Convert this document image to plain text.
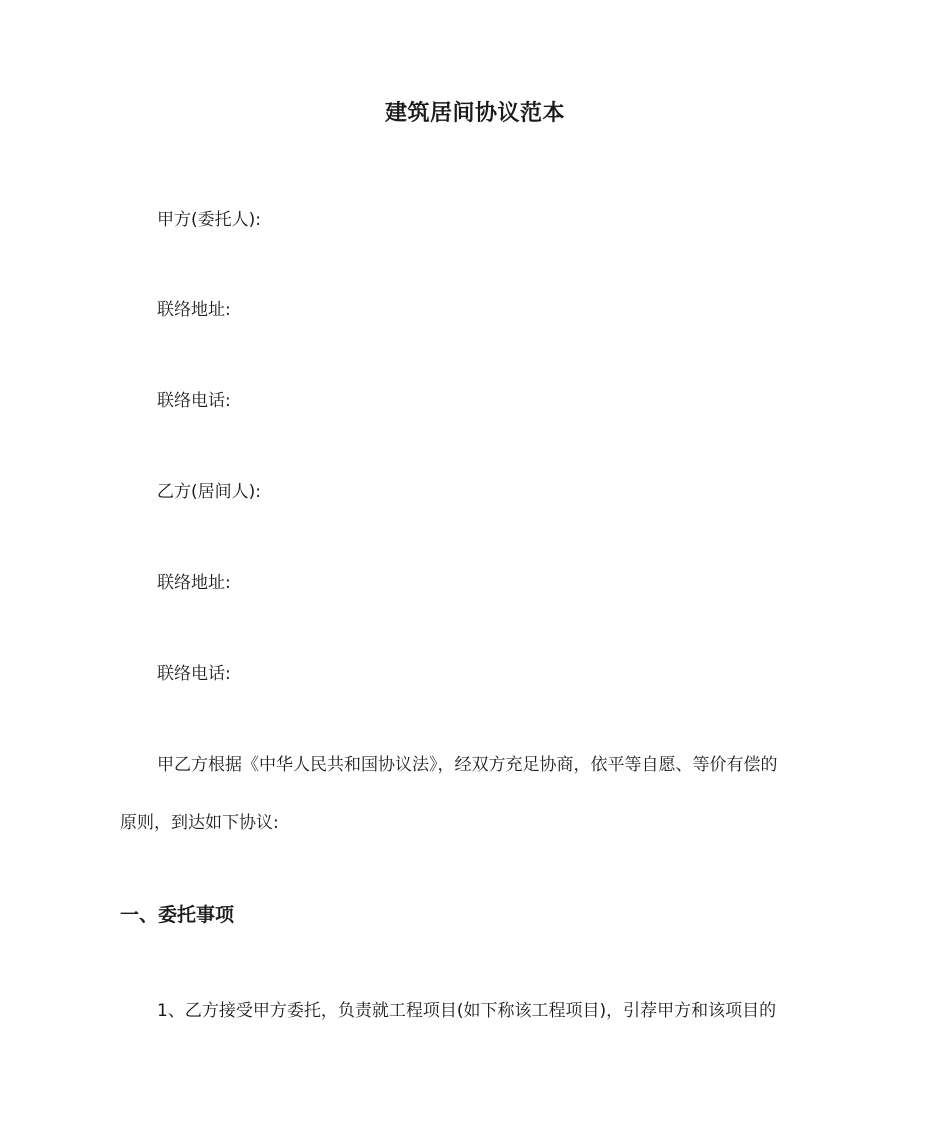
建筑居间协议范本

甲方(委托人):

联络地址:

联络电话:

乙方(居间人):

联络地址:

联络电话:

甲乙方根据《中华人民共和国协议法》，经双方充足协商，依平等自愿、等价有偿的

原则，到达如下协议:

一、委托事项

1、乙方接受甲方委托，负责就工程项目(如下称该工程项目)，引荐甲方和该项目的
